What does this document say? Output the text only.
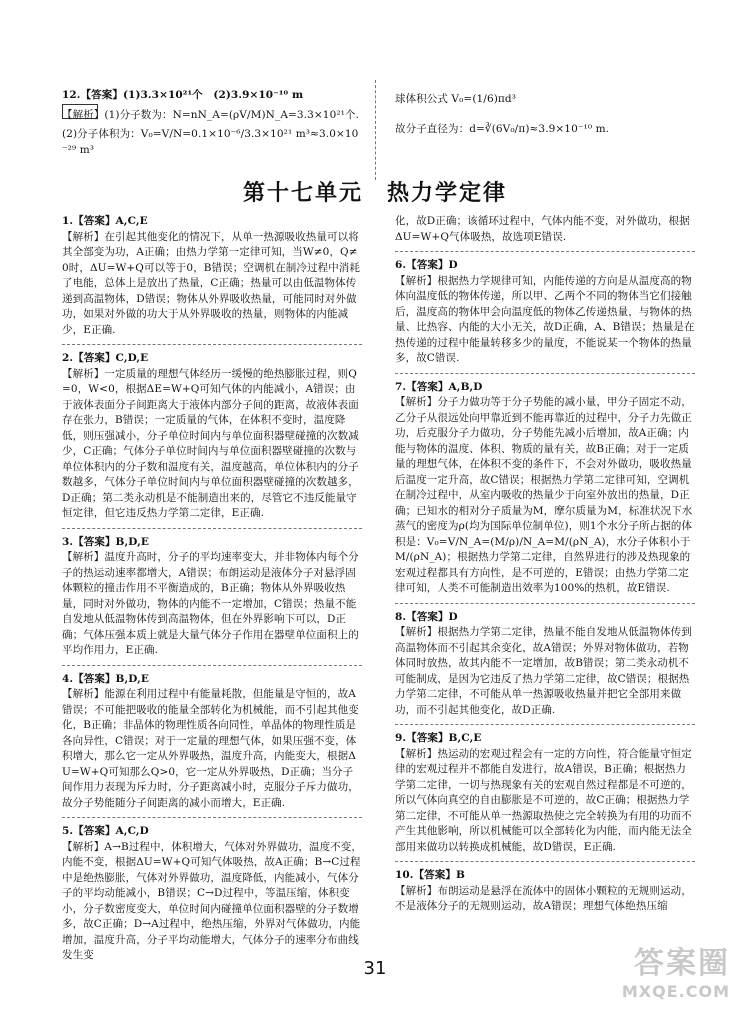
12.【答案】(1)3.3×10²¹个　(2)3.9×10⁻¹⁰ m

【解析】(1)分子数为：N=nN_A=(ρV/M)N_A=3.3×10²¹个.

(2)分子体积为：V₀=V/N=0.1×10⁻⁶/3.3×10²¹ m³≈3.0×10⁻²⁹ m³

球体积公式 V₀=(1/6)πd³

故分子直径为：d=∛(6V₀/π)≈3.9×10⁻¹⁰ m.

第十七单元　热力学定律

1.【答案】A,C,E

【解析】在引起其他变化的情况下，从单一热源吸收热量可以将其全部变为功，A正确；由热力学第一定律可知，当W≠0，Q≠0时，ΔU=W+Q可以等于0，B错误；空调机在制冷过程中消耗了电能，总体上是放出了热量，C正确；热量可以由低温物体传递到高温物体，D错误；物体从外界吸收热量，可能同时对外做功，如果对外做的功大于从外界吸收的热量，则物体的内能减少，E正确.

2.【答案】C,D,E

【解析】一定质量的理想气体经历一缓慢的绝热膨胀过程，则Q=0，W<0，根据ΔE=W+Q可知气体的内能减小，A错误；由于液体表面分子间距离大于液体内部分子间的距离，故液体表面存在张力，B错误；一定质量的气体，在体积不变时，温度降低，则压强减小，分子单位时间内与单位面积器壁碰撞的次数减少，C正确；气体分子单位时间内与单位面积器壁碰撞的次数与单位体积内的分子数和温度有关，温度越高，单位体积内的分子数越多，气体分子单位时间内与单位面积器壁碰撞的次数越多，D正确；第二类永动机是不能制造出来的，尽管它不违反能量守恒定律，但它违反热力学第二定律，E正确.

3.【答案】B,D,E

【解析】温度升高时，分子的平均速率变大，并非物体内每个分子的热运动速率都增大，A错误；布朗运动是液体分子对悬浮固体颗粒的撞击作用不平衡造成的，B正确；物体从外界吸收热量，同时对外做功，物体的内能不一定增加，C错误；热量不能自发地从低温物体传到高温物体，但在外界影响下可以，D正确；气体压强本质上就是大量气体分子作用在器壁单位面积上的平均作用力，E正确.

4.【答案】B,D,E

【解析】能源在利用过程中有能量耗散，但能量是守恒的，故A错误；不可能把吸收的能量全部转化为机械能，而不引起其他变化，B正确；非晶体的物理性质各向同性，单晶体的物理性质是各向异性，C错误；对于一定量的理想气体，如果压强不变，体积增大，那么它一定从外界吸热，温度升高，内能变大，根据ΔU=W+Q可知那么Q>0，它一定从外界吸热，D正确；当分子间作用力表现为斥力时，分子距离减小时，克服分子斥力做功，故分子势能随分子间距离的减小而增大，E正确.

5.【答案】A,C,D

【解析】A→B过程中，体积增大，气体对外界做功，温度不变，内能不变，根据ΔU=W+Q可知气体吸热，故A正确；B→C过程中是绝热膨胀，气体对外界做功，温度降低，内能减小，气体分子的平均动能减小，B错误；C→D过程中，等温压缩，体积变小，分子数密度变大，单位时间内碰撞单位面积器壁的分子数增多，故C正确；D→A过程中，绝热压缩，外界对气体做功，内能增加，温度升高，分子平均动能增大，气体分子的速率分布曲线发生变

化，故D正确；该循环过程中，气体内能不变，对外做功，根据ΔU=W+Q气体吸热，故选项E错误.

6.【答案】D

【解析】根据热力学规律可知，内能传递的方向是从温度高的物体向温度低的物体传递，所以甲、乙两个不同的物体当它们接触后，温度高的物体甲会向温度低的物体乙传递热量，与物体的热量、比热容、内能的大小无关，故D正确，A、B错误；热量是在热传递的过程中能量转移多少的量度，不能说某一个物体的热量多，故C错误.

7.【答案】A,B,D

【解析】分子力做功等于分子势能的减小量，甲分子固定不动，乙分子从很远处向甲靠近到不能再靠近的过程中，分子力先做正功，后克服分子力做功，分子势能先减小后增加，故A正确；内能与物体的温度、体积、物质的量有关，故B正确；对于一定质量的理想气体，在体积不变的条件下，不会对外做功，吸收热量后温度一定升高，故C错误；根据热力学第二定律可知，空调机在制冷过程中，从室内吸收的热量少于向室外放出的热量，D正确；已知水的相对分子质量为M，摩尔质量为M，标准状况下水蒸气的密度为ρ(均为国际单位制单位)，则1个水分子所占据的体积是：V₀=V/N_A=(M/ρ)/N_A=M/(ρN_A)，水分子体积小于M/(ρN_A)；根据热力学第二定律，自然界进行的涉及热现象的宏观过程都具有方向性，是不可逆的，E错误；由热力学第二定律可知，人类不可能制造出效率为100%的热机，故E错误.

8.【答案】D

【解析】根据热力学第二定律，热量不能自发地从低温物体传到高温物体而不引起其余变化，故A错误；外界对物体做功，若物体同时放热，故其内能不一定增加，故B错误；第二类永动机不可能制成，是因为它违反了热力学第二定律，故C错误；根据热力学第二定律，不可能从单一热源吸收热量并把它全部用来做功，而不引起其他变化，故D正确.

9.【答案】B,C,E

【解析】热运动的宏观过程会有一定的方向性，符合能量守恒定律的宏观过程并不都能自发进行，故A错误，B正确；根据热力学第二定律，一切与热现象有关的宏观自然过程都是不可逆的，所以气体向真空的自由膨胀是不可逆的，故C正确；根据热力学第二定律，不可能从单一热源取热使之完全转换为有用的功而不产生其他影响，所以机械能可以全部转化为内能，而内能无法全部用来做功以转换成机械能，故D错误，E正确.

10.【答案】B

【解析】布朗运动是悬浮在流体中的固体小颗粒的无规则运动，不是液体分子的无规则运动，故A错误；理想气体绝热压缩

31	答案圈
MXQE.COM
